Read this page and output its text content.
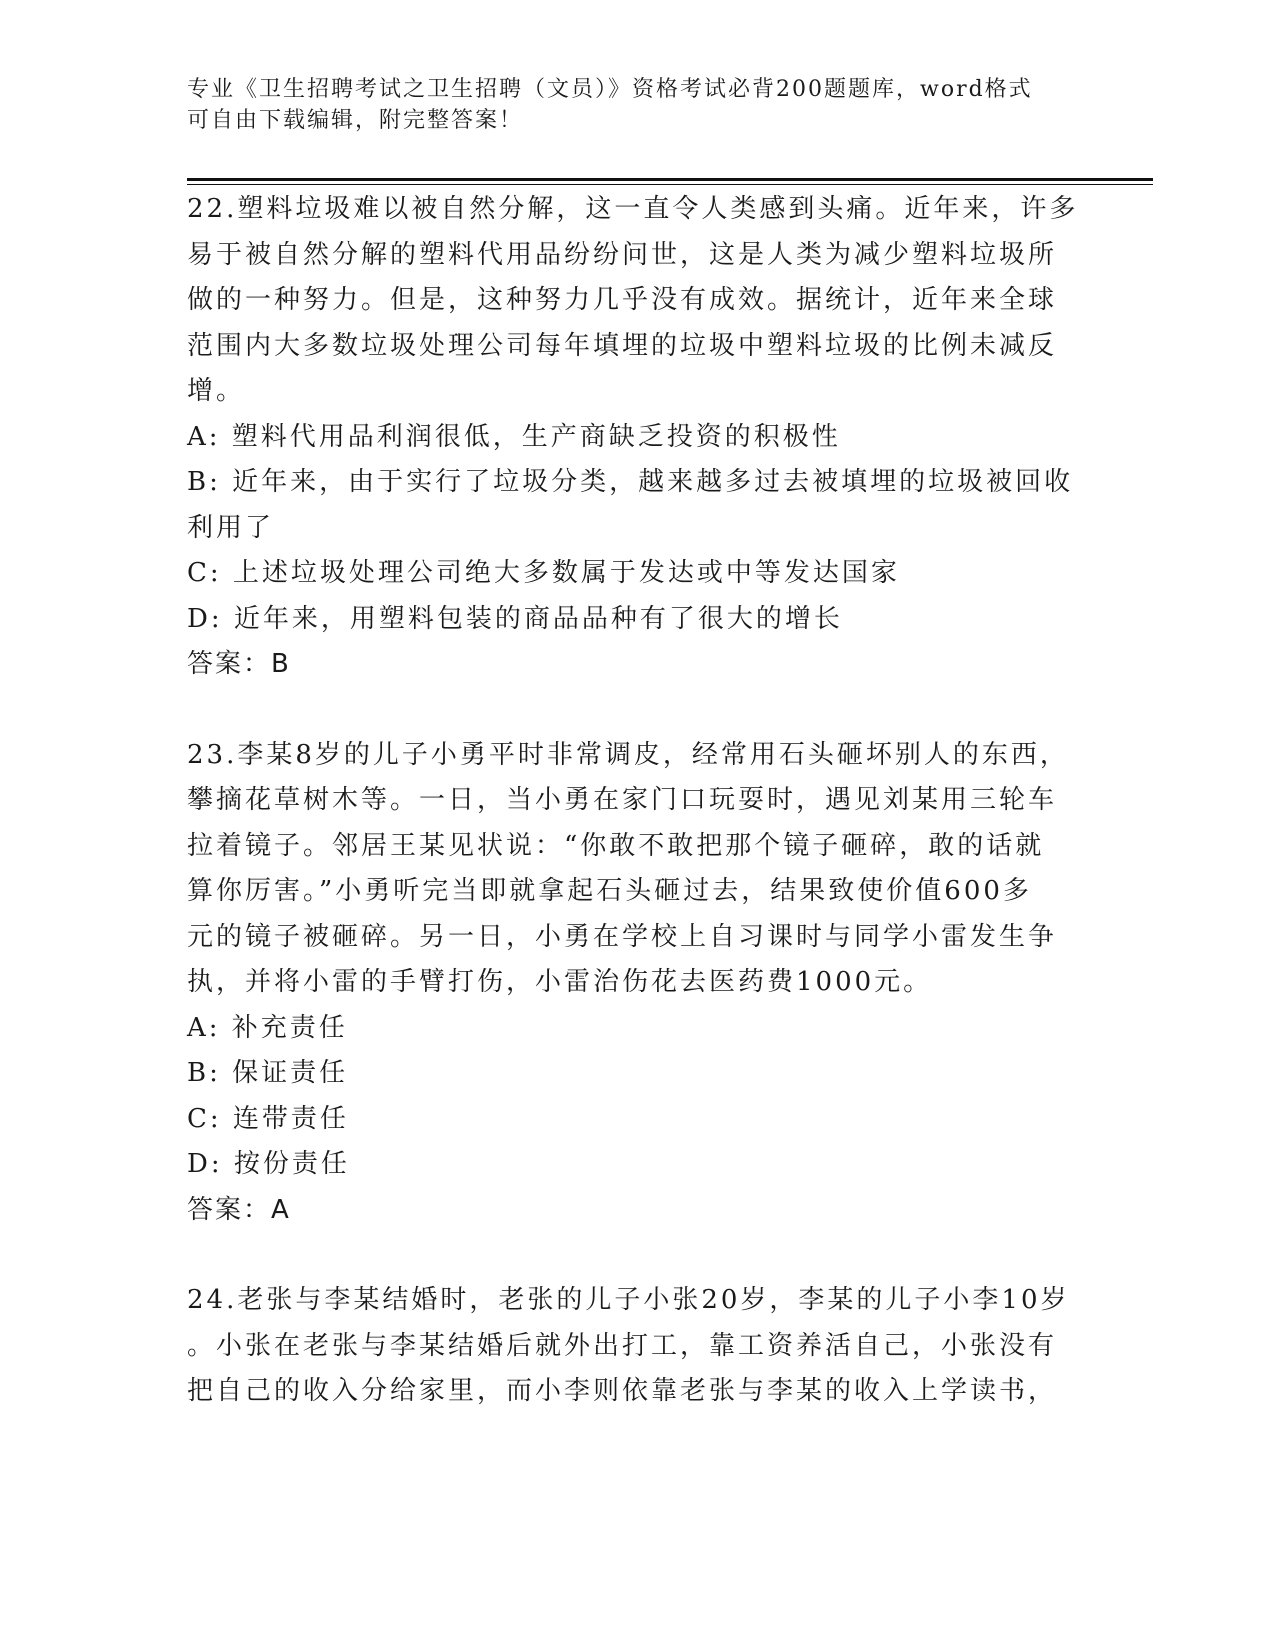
专业《卫生招聘考试之卫生招聘（文员）》资格考试必背200题题库，word格式
可自由下载编辑，附完整答案！

22.塑料垃圾难以被自然分解，这一直令人类感到头痛。近年来，许多

易于被自然分解的塑料代用品纷纷问世，这是人类为减少塑料垃圾所

做的一种努力。但是，这种努力几乎没有成效。据统计，近年来全球

范围内大多数垃圾处理公司每年填埋的垃圾中塑料垃圾的比例未减反

增。

A: 塑料代用品利润很低，生产商缺乏投资的积极性

B: 近年来，由于实行了垃圾分类，越来越多过去被填埋的垃圾被回收

利用了

C: 上述垃圾处理公司绝大多数属于发达或中等发达国家

D: 近年来，用塑料包装的商品品种有了很大的增长

答案：B

23.李某8岁的儿子小勇平时非常调皮，经常用石头砸坏别人的东西，

攀摘花草树木等。一日，当小勇在家门口玩耍时，遇见刘某用三轮车

拉着镜子。邻居王某见状说：“你敢不敢把那个镜子砸碎，敢的话就

算你厉害。”小勇听完当即就拿起石头砸过去，结果致使价值600多

元的镜子被砸碎。另一日，小勇在学校上自习课时与同学小雷发生争

执，并将小雷的手臂打伤，小雷治伤花去医药费1000元。

A: 补充责任

B: 保证责任

C: 连带责任

D: 按份责任

答案：A

24.老张与李某结婚时，老张的儿子小张20岁，李某的儿子小李10岁

。小张在老张与李某结婚后就外出打工，靠工资养活自己，小张没有

把自己的收入分给家里，而小李则依靠老张与李某的收入上学读书，
